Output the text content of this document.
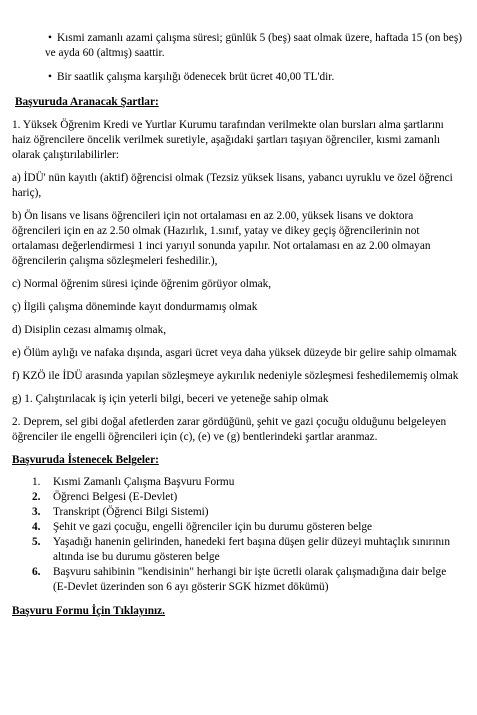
• Kısmi zamanlı azami çalışma süresi; günlük 5 (beş) saat olmak üzere, haftada 15 (on beş) ve ayda 60 (altmış) saattir.

• Bir saatlik çalışma karşılığı ödenecek brüt ücret 40,00 TL'dir.

Başvuruda Aranacak Şartlar:

1. Yüksek Öğrenim Kredi ve Yurtlar Kurumu tarafından verilmekte olan bursları alma şartlarını haiz öğrencilere öncelik verilmek suretiyle, aşağıdaki şartları taşıyan öğrenciler, kısmi zamanlı olarak çalıştırılabilirler:

a) İDÜ' nün kayıtlı (aktif) öğrencisi olmak (Tezsiz yüksek lisans, yabancı uyruklu ve özel öğrenci hariç),

b) Ön lisans ve lisans öğrencileri için not ortalaması en az 2.00, yüksek lisans ve doktora öğrencileri için en az 2.50 olmak (Hazırlık, 1.sınıf, yatay ve dikey geçiş öğrencilerinin not ortalaması değerlendirmesi 1 inci yarıyıl sonunda yapılır. Not ortalaması en az 2.00 olmayan öğrencilerin çalışma sözleşmeleri feshedilir.),

c) Normal öğrenim süresi içinde öğrenim görüyor olmak,

ç) İlgili çalışma döneminde kayıt dondurmamış olmak

d) Disiplin cezası almamış olmak,

e) Ölüm aylığı ve nafaka dışında, asgari ücret veya daha yüksek düzeyde bir gelire sahip olmamak

f) KZÖ ile İDÜ arasında yapılan sözleşmeye aykırılık nedeniyle sözleşmesi feshedilememiş olmak

g) 1. Çalıştırılacak iş için yeterli bilgi, beceri ve yeteneğe sahip olmak

2. Deprem, sel gibi doğal afetlerden zarar gördüğünü, şehit ve gazi çocuğu olduğunu belgeleyen öğrenciler ile engelli öğrencileri için (c), (e) ve (g) bentlerindeki şartlar aranmaz.

Başvuruda İstenecek Belgeler:

1. Kısmi Zamanlı Çalışma Başvuru Formu
2. Öğrenci Belgesi (E-Devlet)
3. Transkript (Öğrenci Bilgi Sistemi)
4. Şehit ve gazi çocuğu, engelli öğrenciler için bu durumu gösteren belge
5. Yaşadığı hanenin gelirinden, hanedeki fert başına düşen gelir düzeyi muhtaçlık sınırının altında ise bu durumu gösteren belge
6. Başvuru sahibinin "kendisinin" herhangi bir işte ücretli olarak çalışmadığına dair belge (E-Devlet üzerinden son 6 ayı gösterir SGK hizmet dökümü)

Başvuru Formu İçin Tıklayınız.
